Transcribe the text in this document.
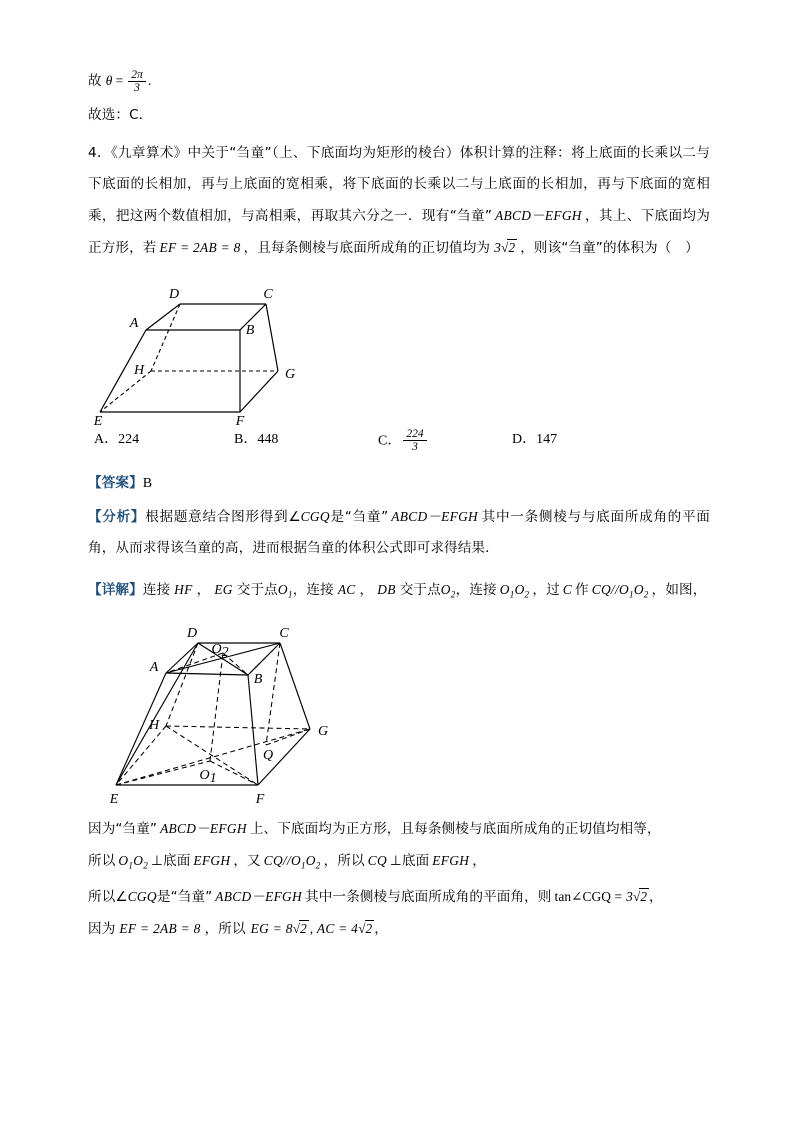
故 $\theta = \frac{2\pi}{3}$ .
故选：C.
4．《九章算术》中关于“刍童”（上、下底面均为矩形的棱台）体积计算的注释：将上底面的长乘以二与下底面的长相加，再与上底面的宽相乘，将下底面的长乘以二与上底面的长相加，再与下底面的宽相乘，把这两个数值相加，与高相乘，再取其六分之一．现有“刍童” ABCD－EFGH ，其上、下底面均为正方形，若 EF = 2AB = 8 ，且每条侧棱与底面所成角的正切值均为 3√2 ，则该“刍童”的体积为（　）
D	C
A	B
H	G
E	F
A．224	B．448	C． $\frac{224}{3}$	D．147
【答案】B
【分析】根据题意结合图形得到∠CGQ是“刍童” ABCD－EFGH 其中一条侧棱与与底面所成角的平面角，从而求得该刍童的高，进而根据刍童的体积公式即可求得结果．
【详解】连接 HF ， EG 交于点$O_1$，连接 AC ， DB 交于点$O_2$，连接 $O_1O_2$ ，过 C 作 $CQ//O_1O_2$ ，如图，
D	C
A
B
H	G
E	F
O2
O1
Q
因为“刍童” ABCD－EFGH 上、下底面均为正方形，且每条侧棱与底面所成角的正切值均相等，
所以 $O_1O_2$ ⊥底面 EFGH ，又 $CQ//O_1O_2$ ，所以 CQ ⊥底面 EFGH ，
所以∠CGQ是“刍童” ABCD－EFGH 其中一条侧棱与底面所成角的平面角，则 tan∠CGQ = 3√2 ，
因为 EF = 2AB = 8 ，所以 EG = 8√2 , AC = 4√2 ，
